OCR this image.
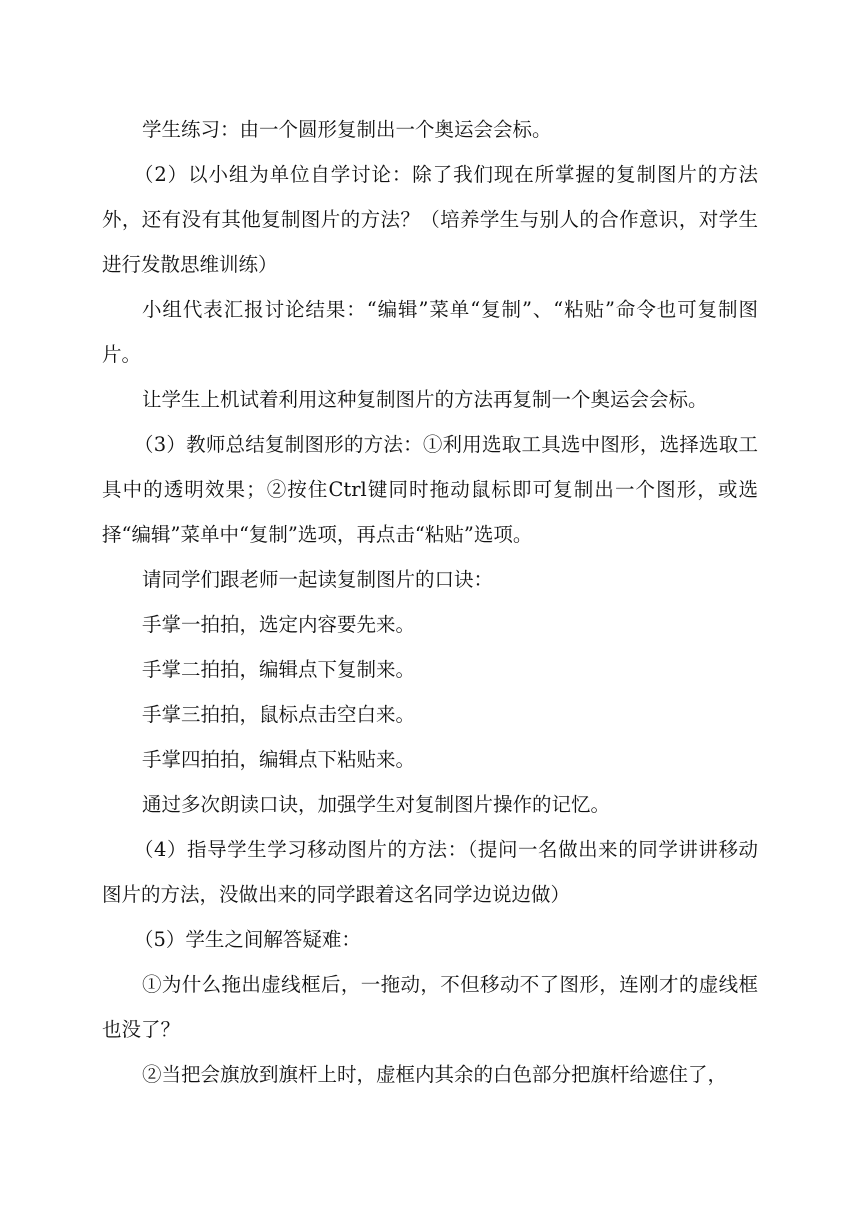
学生练习：由一个圆形复制出一个奥运会会标。

（2）以小组为单位自学讨论：除了我们现在所掌握的复制图片的方法外，还有没有其他复制图片的方法？（培养学生与别人的合作意识，对学生进行发散思维训练）

小组代表汇报讨论结果：“编辑”菜单“复制”、“粘贴”命令也可复制图片。

让学生上机试着利用这种复制图片的方法再复制一个奥运会会标。

（3）教师总结复制图形的方法：①利用选取工具选中图形，选择选取工具中的透明效果；②按住Ctrl键同时拖动鼠标即可复制出一个图形，或选择“编辑”菜单中“复制”选项，再点击“粘贴”选项。

请同学们跟老师一起读复制图片的口诀：

手掌一拍拍，选定内容要先来。

手掌二拍拍，编辑点下复制来。

手掌三拍拍，鼠标点击空白来。

手掌四拍拍，编辑点下粘贴来。

通过多次朗读口诀，加强学生对复制图片操作的记忆。

（4）指导学生学习移动图片的方法：（提问一名做出来的同学讲讲移动图片的方法，没做出来的同学跟着这名同学边说边做）

（5）学生之间解答疑难：

①为什么拖出虚线框后，一拖动，不但移动不了图形，连刚才的虚线框也没了？

②当把会旗放到旗杆上时，虚框内其余的白色部分把旗杆给遮住了，
